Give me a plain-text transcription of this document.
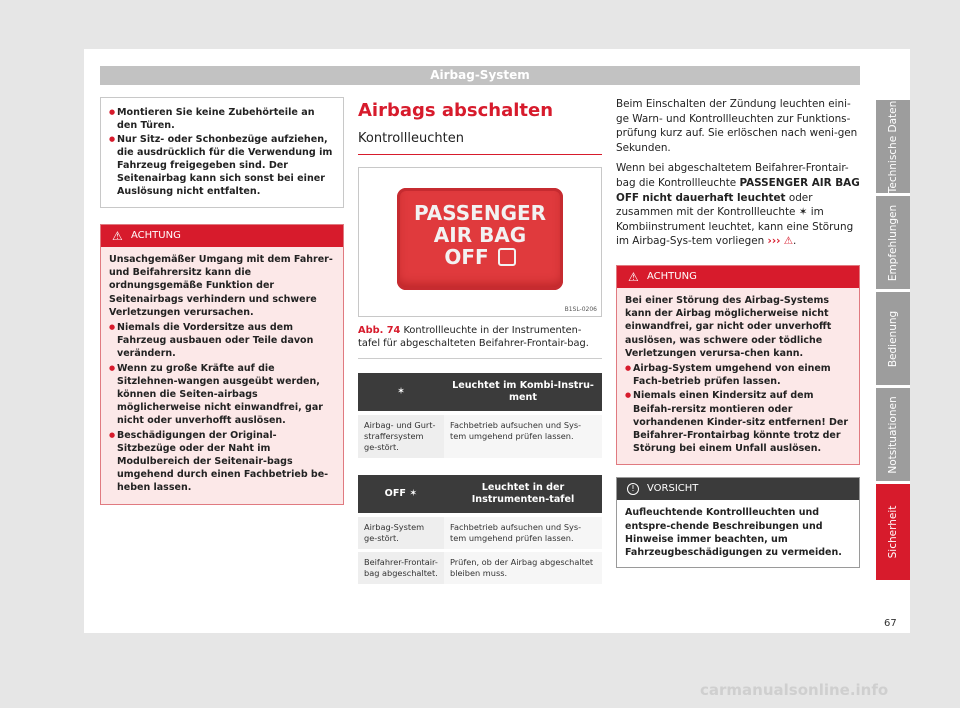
Airbag-System
● Montieren Sie keine Zubehörteile an den Türen.
● Nur Sitz- oder Schonbezüge aufziehen, die ausdrücklich für die Verwendung im Fahrzeug freigegeben sind. Der Seitenairbag kann sich sonst bei einer Auslösung nicht entfalten.
⚠ ACHTUNG

Unsachgemäßer Umgang mit dem Fahrer- und Beifahrersitz kann die ordnungsgemäße Funktion der Seitenairbags verhindern und schwere Verletzungen verursachen.

● Niemals die Vordersitze aus dem Fahrzeug ausbauen oder Teile davon verändern.
● Wenn zu große Kräfte auf die Sitzlehnen-wangen ausgeübt werden, können die Seiten-airbags möglicherweise nicht einwandfrei, gar nicht oder unverhofft auslösen.
● Beschädigungen der Original-Sitzbezüge oder der Naht im Modulbereich der Seitenair-bags umgehend durch einen Fachbetrieb be-heben lassen.
Airbags abschalten
Kontrollleuchten
PASSENGER
AIR BAG
OFF
B1SL-0206
Abb. 74 Kontrollleuchte in der Instrumenten-tafel für abgeschalteten Beifahrer-Frontair-bag.
✶	Leuchtet im Kombi-Instru-ment
Airbag- und Gurt-straffersystem ge-stört.	Fachbetrieb aufsuchen und Sys-tem umgehend prüfen lassen.
OFF ✶	Leuchtet in der Instrumenten-tafel
Airbag-System ge-stört.	Fachbetrieb aufsuchen und Sys-tem umgehend prüfen lassen.
Beifahrer-Frontair-bag abgeschaltet.	Prüfen, ob der Airbag abgeschaltet bleiben muss.

Beim Einschalten der Zündung leuchten eini-ge Warn- und Kontrollleuchten zur Funktions-prüfung kurz auf. Sie erlöschen nach weni-gen Sekunden.

Wenn bei abgeschaltetem Beifahrer-Frontair-bag die Kontrollleuchte PASSENGER AIR BAG OFF nicht dauerhaft leuchtet oder zusammen mit der Kontrollleuchte ✶ im Kombiinstrument leuchtet, kann eine Störung im Airbag-Sys-tem vorliegen ››› ⚠.

⚠ ACHTUNG

Bei einer Störung des Airbag-Systems kann der Airbag möglicherweise nicht einwandfrei, gar nicht oder unverhofft auslösen, was schwere oder tödliche Verletzungen verursa-chen kann.

● Airbag-System umgehend von einem Fach-betrieb prüfen lassen.
● Niemals einen Kindersitz auf dem Beifah-rersitz montieren oder vorhandenen Kinder-sitz entfernen! Der Beifahrer-Frontairbag könnte trotz der Störung bei einem Unfall auslösen.
!	VORSICHT
Aufleuchtende Kontrollleuchten und entspre-chende Beschreibungen und Hinweise immer beachten, um Fahrzeugbeschädigungen zu vermeiden.
Technische Daten
Empfehlungen
Bedienung
Notsituationen
Sicherheit
67
carmanualsonline.info
